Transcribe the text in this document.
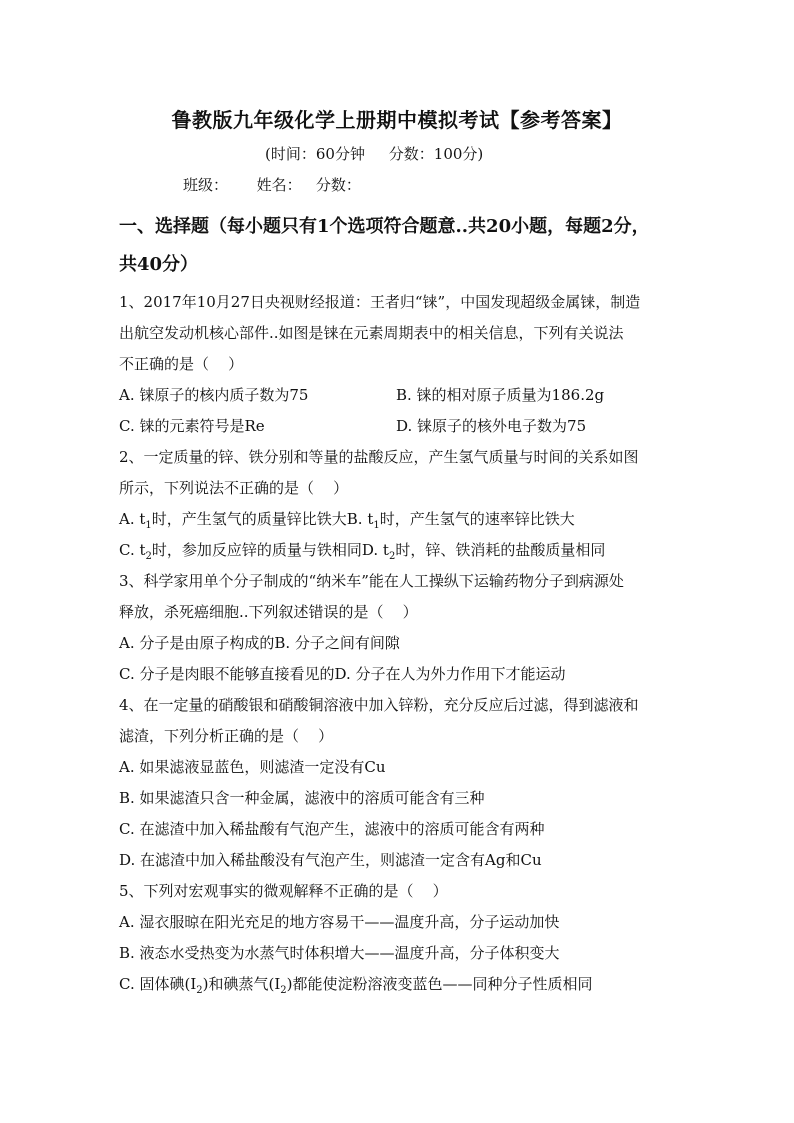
鲁教版九年级化学上册期中模拟考试【参考答案】
(时间：60分钟     分数：100分)
班级：      姓名：   分数：
一、选择题（每小题只有1个选项符合题意..共20小题，每题2分，
共40分）
1、2017年10月27日央视财经报道：王者归“铼”，中国发现超级金属铼，制造
出航空发动机核心部件..如图是铼在元素周期表中的相关信息，下列有关说法
不正确的是（    ）
A. 铼原子的核内质子数为75	B. 铼的相对原子质量为186.2g
C. 铼的元素符号是Re	D. 铼原子的核外电子数为75
2、一定质量的锌、铁分别和等量的盐酸反应，产生氢气质量与时间的关系如图
所示，下列说法不正确的是（    ）
A. $t_1$时，产生氢气的质量锌比铁大B. $t_1$时，产生氢气的速率锌比铁大
C. $t_2$时，参加反应锌的质量与铁相同D. $t_2$时，锌、铁消耗的盐酸质量相同
3、科学家用单个分子制成的“纳米车”能在人工操纵下运输药物分子到病源处
释放，杀死癌细胞..下列叙述错误的是（    ）
A. 分子是由原子构成的B. 分子之间有间隙
C. 分子是肉眼不能够直接看见的D. 分子在人为外力作用下才能运动
4、在一定量的硝酸银和硝酸铜溶液中加入锌粉，充分反应后过滤，得到滤液和
滤渣，下列分析正确的是（    ）
A. 如果滤液显蓝色，则滤渣一定没有Cu
B. 如果滤渣只含一种金属，滤液中的溶质可能含有三种
C. 在滤渣中加入稀盐酸有气泡产生，滤液中的溶质可能含有两种
D. 在滤渣中加入稀盐酸没有气泡产生，则滤渣一定含有Ag和Cu
5、下列对宏观事实的微观解释不正确的是（    ）
A. 湿衣服晾在阳光充足的地方容易干——温度升高，分子运动加快
B. 液态水受热变为水蒸气时体积增大——温度升高，分子体积变大
C. 固体碘$(I_2)$和碘蒸气$(I_2)$都能使淀粉溶液变蓝色——同种分子性质相同
